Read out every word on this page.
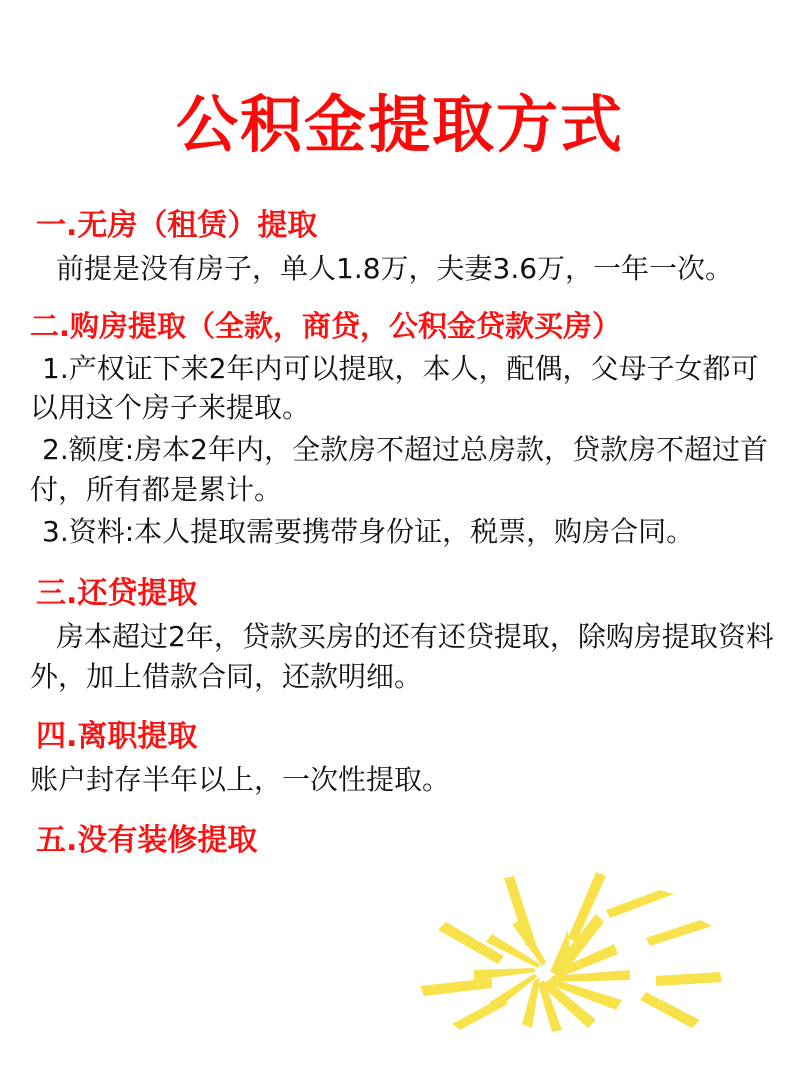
公积金提取方式
一.无房（租赁）提取

前提是没有房子，单人1.8万，夫妻3.6万，一年一次。

二.购房提取（全款，商贷，公积金贷款买房）

1.产权证下来2年内可以提取，本人，配偶，父母子女都可以用这个房子来提取。

2.额度:房本2年内，全款房不超过总房款，贷款房不超过首付，所有都是累计。

3.资料:本人提取需要携带身份证，税票，购房合同。

三.还贷提取

房本超过2年，贷款买房的还有还贷提取，除购房提取资料外，加上借款合同，还款明细。

四.离职提取

账户封存半年以上，一次性提取。

五.没有装修提取
